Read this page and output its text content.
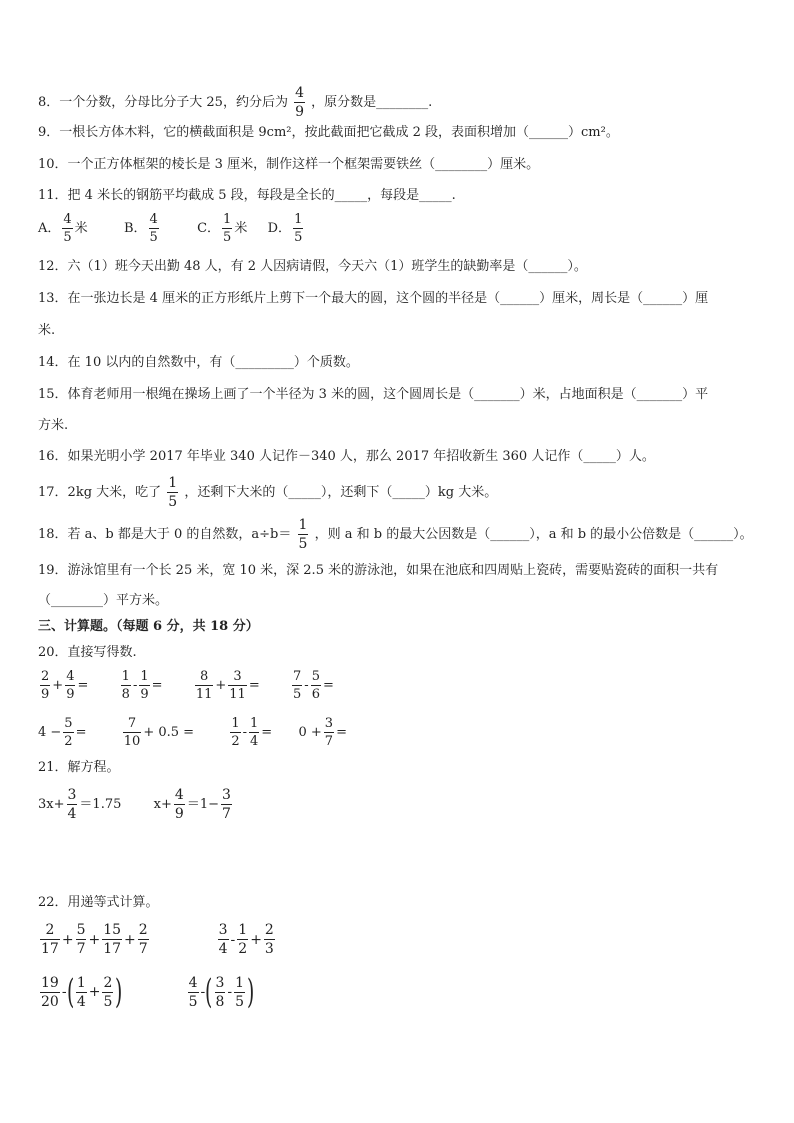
8．一个分数，分母比分子大 25，约分后为 $\frac{4}{9}$ ，原分数是________.
9．一根长方体木料，它的横截面积是 9cm²，按此截面把它截成 2 段，表面积增加（______）cm²。
10．一个正方体框架的棱长是 3 厘米，制作这样一个框架需要铁丝（________）厘米。
11．把 4 米长的钢筋平均截成 5 段，每段是全长的_____，每段是_____.
A． $\frac{4}{5}$ 米	B． $\frac{4}{5}$	C． $\frac{1}{5}$ 米 D． $\frac{1}{5}$
12．六（1）班今天出勤 48 人，有 2 人因病请假，今天六（1）班学生的缺勤率是（______）。
13．在一张边长是 4 厘米的正方形纸片上剪下一个最大的圆，这个圆的半径是（______）厘米，周长是（______）厘
米.
14．在 10 以内的自然数中，有（_________）个质数。
15．体育老师用一根绳在操场上画了一个半径为 3 米的圆，这个圆周长是（_______）米，占地面积是（_______）平
方米.
16．如果光明小学 2017 年毕业 340 人记作－340 人，那么 2017 年招收新生 360 人记作（_____）人。
17．2kg 大米，吃了 $\frac{1}{5}$ ，还剩下大米的（_____），还剩下（_____）kg 大米。
18．若 a、b 都是大于 0 的自然数，$a\div b= \frac{1}{5}$ ，则 a 和 b 的最大公因数是（______），a 和 b 的最小公倍数是（______）。
19．游泳馆里有一个长 25 米，宽 10 米，深 2.5 米的游泳池，如果在池底和四周贴上瓷砖，需要贴瓷砖的面积一共有
（________）平方米。
三、计算题。（每题 6 分，共 18 分）
20．直接写得数.
$\frac{2}{9} + \frac{4}{9} = \frac{1}{8} - \frac{1}{9} = \frac{8}{11} + \frac{3}{11} = \frac{7}{5} - \frac{5}{6}$ =
$4 - \frac{5}{2}$ =	$\frac{7}{10} + 0.5$ =	$\frac{1}{2} - \frac{1}{4} = 0 + \frac{3}{7}$ =
21．解方程。
$3x+ \frac{3}{4} =1.75$ $x+ \frac{4}{9} =1- \frac{3}{7}$
22．用递等式计算。
$\frac{2}{17} + \frac{5}{7} + \frac{15}{17} + \frac{2}{7}$
	$\frac{3}{4} - \frac{1}{2} + \frac{2}{3}$
$\frac{19}{20}$ -( $\frac{1}{4} + \frac{2}{5}$ )	$\frac{4}{5}$ -( $\frac{3}{8} - \frac{1}{5}$ )
